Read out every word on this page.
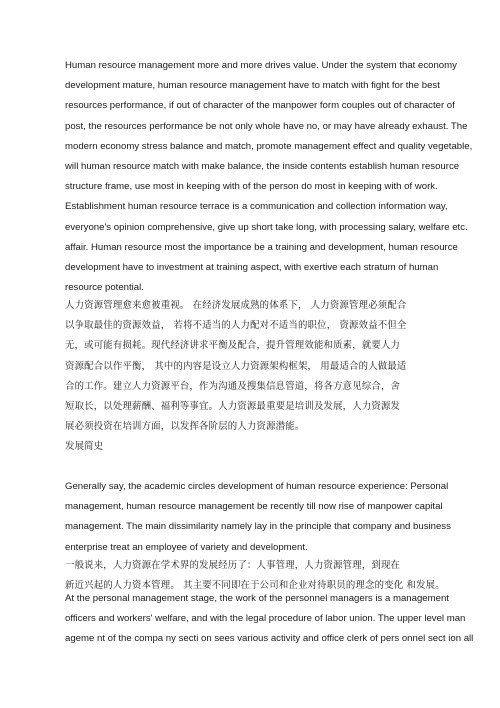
Human resource management more and more drives value. Under the system that economy
development mature, human resource management have to match with fight for the best
resources performance, if out of character of the manpower form couples out of character of
post, the resources performance be not only whole have no, or may have already exhaust. The
modern economy stress balance and match, promote management effect and quality vegetable,
will human resource match with make balance, the inside contents establish human resource
structure frame, use most in keeping with of the person do most in keeping with of work.
Establishment human resource terrace is a communication and collection information way,
everyone's opinion comprehensive, give up short take long, with processing salary, welfare etc.
affair. Human resource most the importance be a training and development, human resource
development have to investment at training aspect, with exertive each stratum of human
resource potential.

人力资源管理愈来愈被重视。 在经济发展成熟的体系下， 人力资源管理必须配合
以争取最佳的资源效益， 若将不适当的人力配对不适当的职位， 资源效益不但全
无，或可能有损耗。现代经济讲求平衡及配合，提升管理效能和质素，就要人力
资源配合以作平衡， 其中的内容是设立人力资源架构框架， 用最适合的人做最适
合的工作。建立人力资源平台，作为沟通及搜集信息管道，将各方意见综合，舍
短取长，以处理薪酬、福利等事宜。人力资源最重要是培训及发展，人力资源发
展必须投资在培训方面，以发挥各阶层的人力资源潜能。

发展简史

Generally say, the academic circles development of human resource experience: Personal
management, human resource management be recently till now rise of manpower capital
management. The main dissimilarity namely lay in the principle that company and business
enterprise treat an employee of variety and development.

一般说来，人力资源在学术界的发展经历了：人事管理，人力资源管理，到现在
新近兴起的人力资本管理。 其主要不同即在于公司和企业对待职员的理念的变化 和发展。

At the personal management stage, the work of the personnel managers is a management
officers and workers' welfare, and with the legal procedure of labor union. The upper level man
ageme nt of the compa ny secti on sees various activity and office clerk of pers onnel sect ion all
